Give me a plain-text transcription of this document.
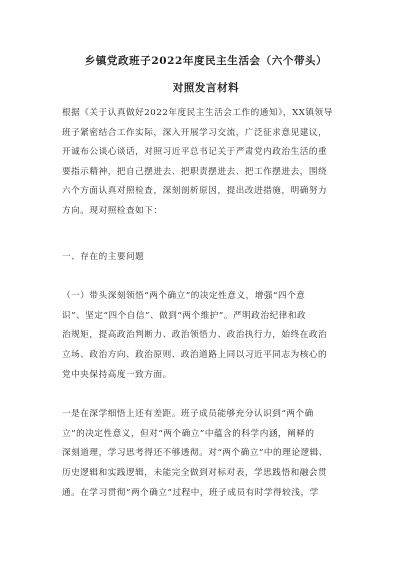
乡镇党政班子2022年度民主生活会（六个带头）
对照发言材料

根据《关于认真做好2022年度民主生活会工作的通知》，XX镇领导
班子紧密结合工作实际，深入开展学习交流，广泛征求意见建议，
开诚布公谈心谈话，对照习近平总书记关于严肃党内政治生活的重
要指示精神，把自己摆进去、把职责摆进去、把工作摆进去，围绕
六个方面认真对照检查，深刻剖析原因，提出改进措施，明确努力
方向。现对照检查如下：

一、存在的主要问题

（一）带头深刻领悟“两个确立”的决定性意义，增强“四个意
识”、坚定“四个自信”、做到“两个维护”。严明政治纪律和政
治规矩，提高政治判断力、政治领悟力、政治执行力，始终在政治
立场、政治方向、政治原则、政治道路上同以习近平同志为核心的
党中央保持高度一致方面。

一是在深学细悟上还有差距。班子成员能够充分认识到“两个确
立”的决定性意义，但对“两个确立”中蕴含的科学内涵，阐释的
深刻道理，学习思考得还不够透彻。对“两个确立”中的理论逻辑、
历史逻辑和实践逻辑，未能完全做到对标对表，学思践悟和融会贯
通。在学习贯彻“两个确立”过程中，班子成员有时学得较浅，学
